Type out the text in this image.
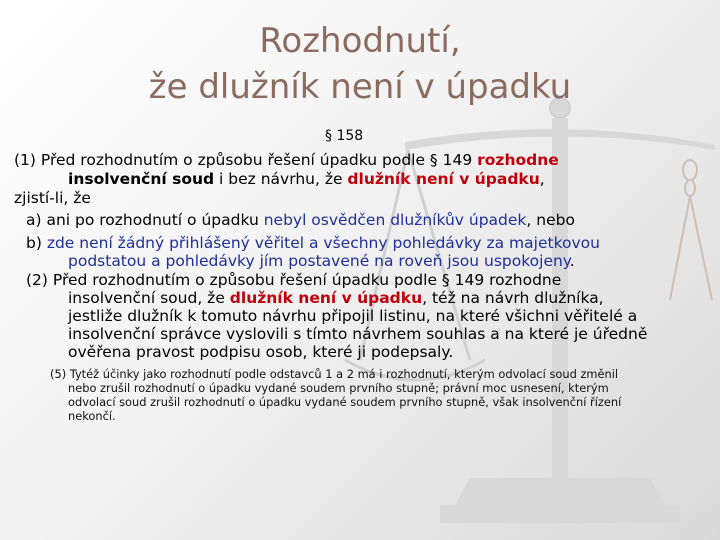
Rozhodnutí,
že dlužník není v úpadku
§ 158
(1) Před rozhodnutím o způsobu řešení úpadku podle § 149 rozhodne
insolvenční soud i bez návrhu, že dlužník není v úpadku,
zjistí-li, že
a) ani po rozhodnutí o úpadku nebyl osvědčen dlužníkův úpadek, nebo
b) zde není žádný přihlášený věřitel a všechny pohledávky za majetkovou
podstatou a pohledávky jím postavené na roveň jsou uspokojeny.
(2) Před rozhodnutím o způsobu řešení úpadku podle § 149 rozhodne
insolvenční soud, že dlužník není v úpadku, též na návrh dlužníka,
jestliže dlužník k tomuto návrhu připojil listinu, na které všichni věřitelé a
insolvenční správce vyslovili s tímto návrhem souhlas a na které je úředně
ověřena pravost podpisu osob, které ji podepsaly.
(5) Tytéž účinky jako rozhodnutí podle odstavců 1 a 2 má i rozhodnutí, kterým odvolací soud změnil
nebo zrušil rozhodnutí o úpadku vydané soudem prvního stupně; právní moc usnesení, kterým
odvolací soud zrušil rozhodnutí o úpadku vydané soudem prvního stupně, však insolvenční řízení
nekončí.
